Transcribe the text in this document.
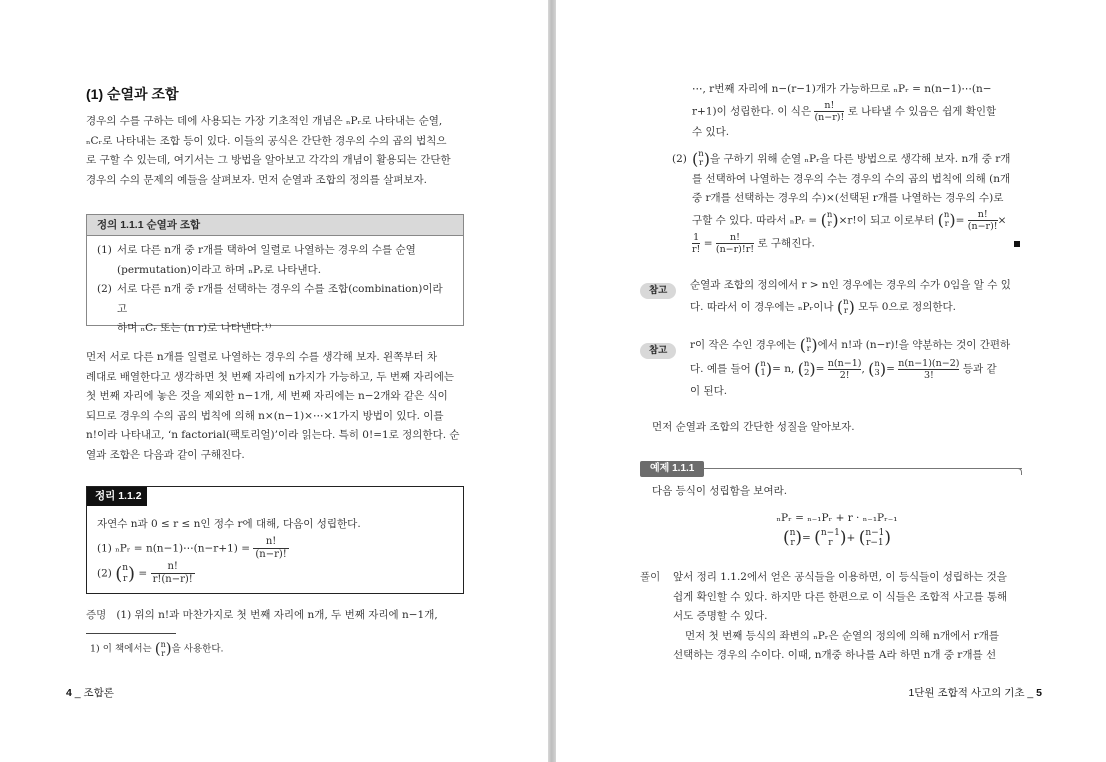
(1) 순열과 조합

경우의 수를 구하는 데에 사용되는 가장 기초적인 개념은 ₙPᵣ로 나타내는 순열,

ₙCᵣ로 나타내는 조합 등이 있다. 이들의 공식은 간단한 경우의 수의 곱의 법칙으

로 구할 수 있는데, 여기서는 그 방법을 알아보고 각각의 개념이 활용되는 간단한

경우의 수의 문제의 예들을 살펴보자. 먼저 순열과 조합의 정의를 살펴보자.

정의 1.1.1 순열과 조합
(1) 서로 다른 n개 중 r개를 택하여 일렬로 나열하는 경우의 수를 순열
(permutation)이라고 하며 ₙPᵣ로 나타낸다.
(2) 서로 다른 n개 중 r개를 선택하는 경우의 수를 조합(combination)이라고
하며 ₙCᵣ 또는 (n r)로 나타낸다.¹⁾

먼저 서로 다른 n개를 일렬로 나열하는 경우의 수를 생각해 보자. 왼쪽부터 차

례대로 배열한다고 생각하면 첫 번째 자리에 n가지가 가능하고, 두 번째 자리에는

첫 번째 자리에 놓은 것을 제외한 n−1개, 세 번째 자리에는 n−2개와 같은 식이

되므로 경우의 수의 곱의 법칙에 의해 n×(n−1)×⋯×1가지 방법이 있다. 이를

n!이라 나타내고, ‘n factorial(팩토리얼)’이라 읽는다. 특히 0!=1로 정의한다. 순

열과 조합은 다음과 같이 구해진다.

정리 1.1.2
자연수 n과 0 ≤ r ≤ n인 정수 r에 대해, 다음이 성립한다.
(1) ₙPᵣ = n(n−1)⋯(n−r+1) = $\frac{n!}{(n-r)!}$
(2) ( n
r ) = $\frac{n!}{r!(n-r)!}$
증명 (1) 위의 n!과 마찬가지로 첫 번째 자리에 n개, 두 번째 자리에 n−1개,
1) 이 책에서는 ( n
r )을 사용한다.
4 _ 조합론

⋯, r번째 자리에 n−(r−1)개가 가능하므로 ₙPᵣ = n(n−1)⋯(n−

r+1)이 성립한다. 이 식은 $\frac{n!}{(n-r)!}$ 로 나타낼 수 있음은 쉽게 확인할

수 있다.

(2) ( n
r )을 구하기 위해 순열 ₙPᵣ을 다른 방법으로 생각해 보자. n개 중 r개

를 선택하여 나열하는 경우의 수는 경우의 수의 곱의 법칙에 의해 (n개

중 r개를 선택하는 경우의 수)×(선택된 r개를 나열하는 경우의 수)로

구할 수 있다. 따라서 ₙPᵣ = ( n
r )×r!이 되고 이로부터 ( n
r )= $\frac{n!}{(n-r)!}$ ×

$\frac{1}{r!} = \frac{n!}{(n-r)!r!}$ 로 구해진다.

참고	순열과 조합의 정의에서 r > n인 경우에는 경우의 수가 0임을 알 수 있

다. 따라서 이 경우에는 ₙPᵣ이나 ( n
r ) 모두 0으로 정의한다.

참고	r이 작은 수인 경우에는 ( n
r )에서 n!과 (n−r)!을 약분하는 것이 간편하

다. 예를 들어 ( n
1 )= n, ( n
2 )= $\frac{n(n-1)}{2!}$ , ( n
3 )= $\frac{n(n-1)(n-2)}{3!}$ 등과 같

이 된다.

먼저 순열과 조합의 간단한 성질을 알아보자.
예제 1.1.1
다음 등식이 성립함을 보여라.
ₙPᵣ = ₙ₋₁Pᵣ + r · ₙ₋₁Pᵣ₋₁
( n
r )= ( n−1
r )+ ( n−1
r−1 )
풀이 앞서 정리 1.1.2에서 얻은 공식들을 이용하면, 이 등식들이 성립하는 것을

쉽게 확인할 수 있다. 하지만 다른 한편으로 이 식들은 조합적 사고를 통해

서도 증명할 수 있다.

먼저 첫 번째 등식의 좌변의 ₙPᵣ은 순열의 정의에 의해 n개에서 r개를

선택하는 경우의 수이다. 이때, n개중 하나를 A라 하면 n개 중 r개를 선

1단원 조합적 사고의 기초 _ 5
